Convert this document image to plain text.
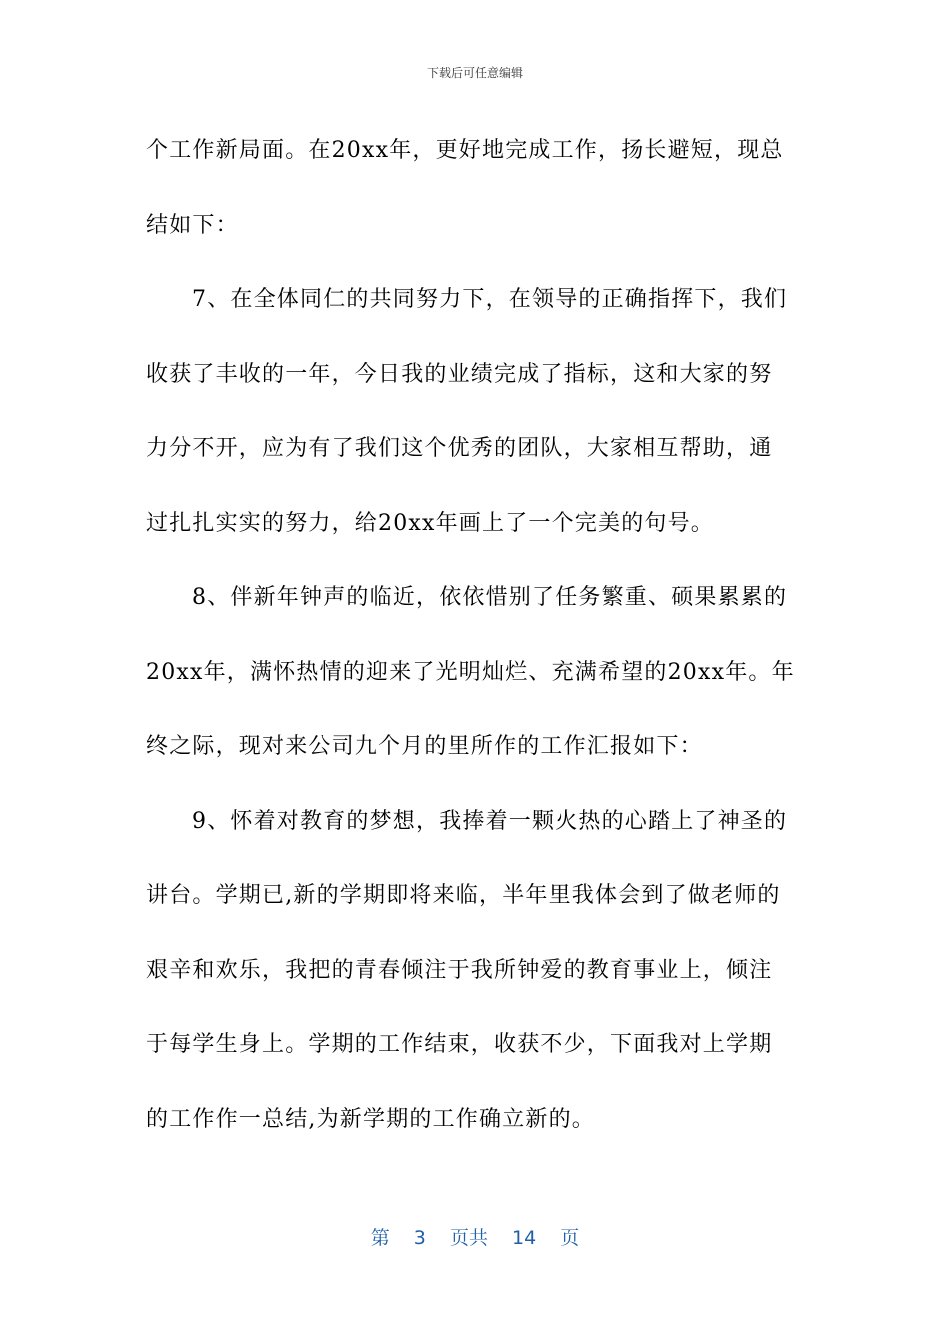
下载后可任意编辑
个工作新局面。在20xx年，更好地完成工作，扬长避短，现总
结如下：
7、在全体同仁的共同努力下，在领导的正确指挥下，我们
收获了丰收的一年，今日我的业绩完成了指标，这和大家的努
力分不开，应为有了我们这个优秀的团队，大家相互帮助，通
过扎扎实实的努力，给20xx年画上了一个完美的句号。
8、伴新年钟声的临近，依依惜别了任务繁重、硕果累累的
20xx年，满怀热情的迎来了光明灿烂、充满希望的20xx年。年
终之际，现对来公司九个月的里所作的工作汇报如下：
9、怀着对教育的梦想，我捧着一颗火热的心踏上了神圣的
讲台。学期已,新的学期即将来临，半年里我体会到了做老师的
艰辛和欢乐，我把的青春倾注于我所钟爱的教育事业上，倾注
于每学生身上。学期的工作结束，收获不少，下面我对上学期
的工作作一总结,为新学期的工作确立新的。
第 3 页共 14 页
